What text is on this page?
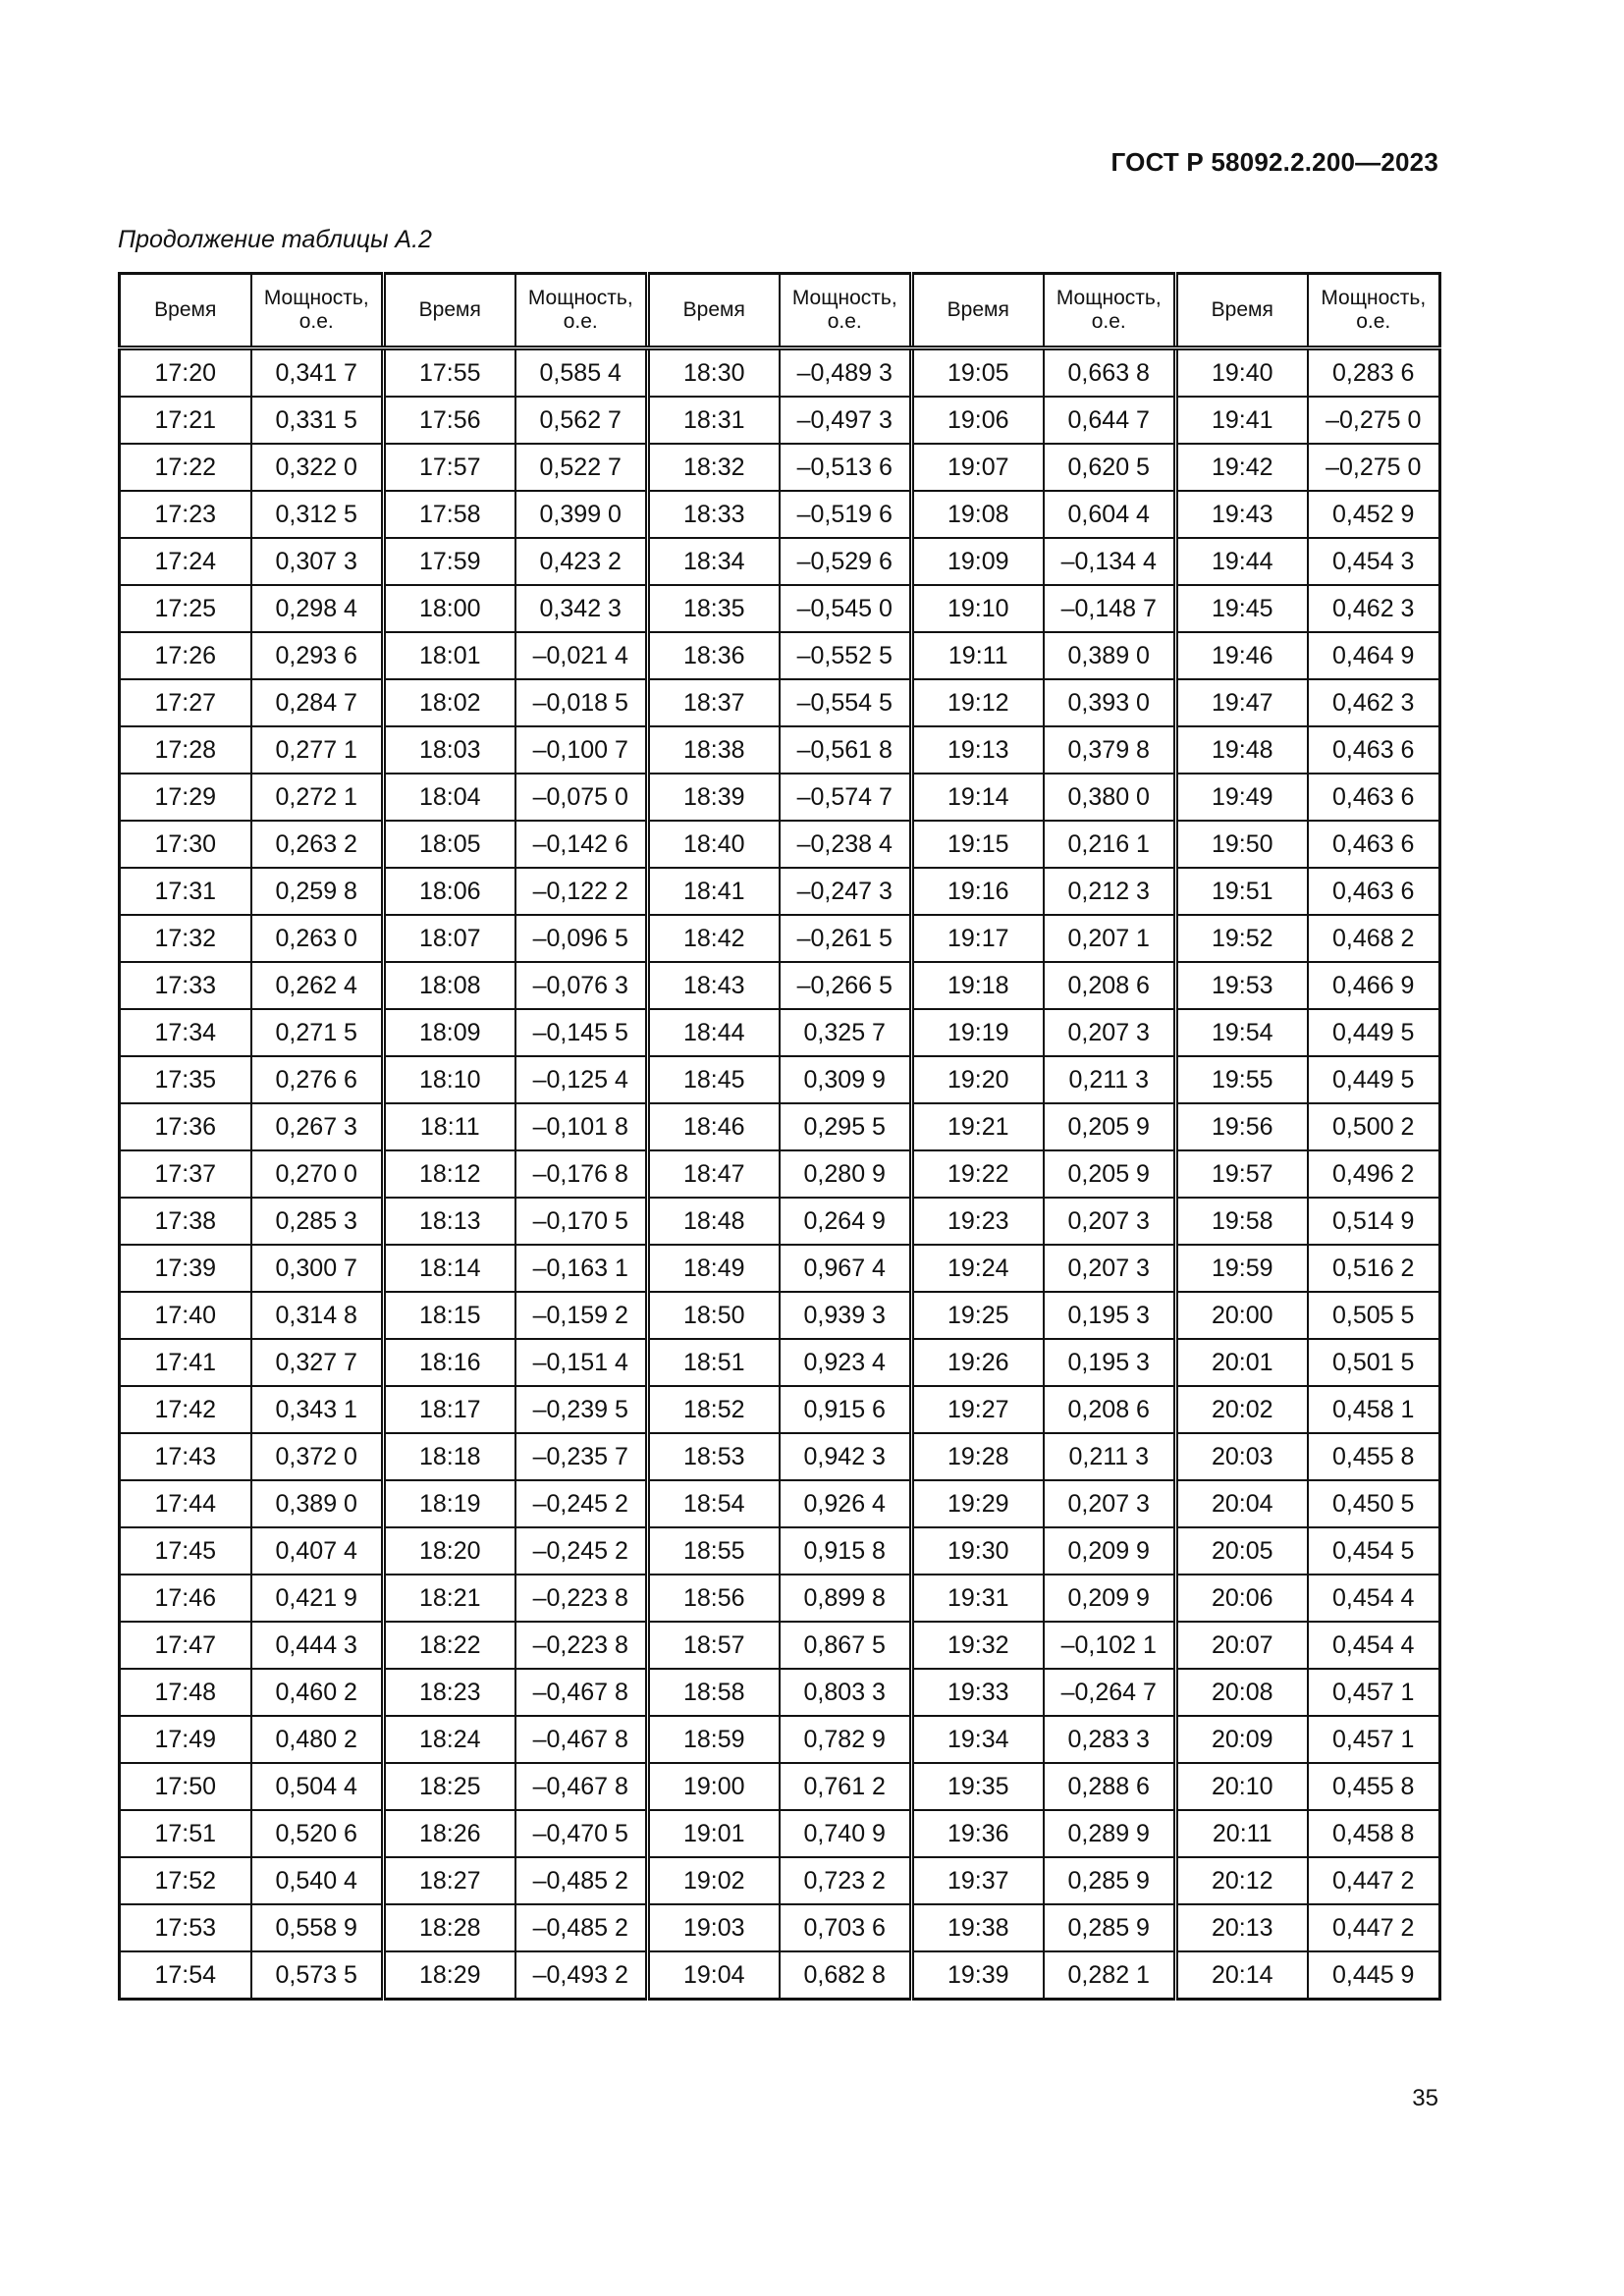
ГОСТ Р 58092.2.200—2023
Продолжение таблицы А.2
Время	Мощность, о.е.	Время	Мощность, о.е.	Время	Мощность, о.е.	Время	Мощность, о.е.	Время	Мощность, о.е.
17:20	0,341 7	17:55	0,585 4	18:30	–0,489 3	19:05	0,663 8	19:40	0,283 6
17:21	0,331 5	17:56	0,562 7	18:31	–0,497 3	19:06	0,644 7	19:41	–0,275 0
17:22	0,322 0	17:57	0,522 7	18:32	–0,513 6	19:07	0,620 5	19:42	–0,275 0
17:23	0,312 5	17:58	0,399 0	18:33	–0,519 6	19:08	0,604 4	19:43	0,452 9
17:24	0,307 3	17:59	0,423 2	18:34	–0,529 6	19:09	–0,134 4	19:44	0,454 3
17:25	0,298 4	18:00	0,342 3	18:35	–0,545 0	19:10	–0,148 7	19:45	0,462 3
17:26	0,293 6	18:01	–0,021 4	18:36	–0,552 5	19:11	0,389 0	19:46	0,464 9
17:27	0,284 7	18:02	–0,018 5	18:37	–0,554 5	19:12	0,393 0	19:47	0,462 3
17:28	0,277 1	18:03	–0,100 7	18:38	–0,561 8	19:13	0,379 8	19:48	0,463 6
17:29	0,272 1	18:04	–0,075 0	18:39	–0,574 7	19:14	0,380 0	19:49	0,463 6
17:30	0,263 2	18:05	–0,142 6	18:40	–0,238 4	19:15	0,216 1	19:50	0,463 6
17:31	0,259 8	18:06	–0,122 2	18:41	–0,247 3	19:16	0,212 3	19:51	0,463 6
17:32	0,263 0	18:07	–0,096 5	18:42	–0,261 5	19:17	0,207 1	19:52	0,468 2
17:33	0,262 4	18:08	–0,076 3	18:43	–0,266 5	19:18	0,208 6	19:53	0,466 9
17:34	0,271 5	18:09	–0,145 5	18:44	0,325 7	19:19	0,207 3	19:54	0,449 5
17:35	0,276 6	18:10	–0,125 4	18:45	0,309 9	19:20	0,211 3	19:55	0,449 5
17:36	0,267 3	18:11	–0,101 8	18:46	0,295 5	19:21	0,205 9	19:56	0,500 2
17:37	0,270 0	18:12	–0,176 8	18:47	0,280 9	19:22	0,205 9	19:57	0,496 2
17:38	0,285 3	18:13	–0,170 5	18:48	0,264 9	19:23	0,207 3	19:58	0,514 9
17:39	0,300 7	18:14	–0,163 1	18:49	0,967 4	19:24	0,207 3	19:59	0,516 2
17:40	0,314 8	18:15	–0,159 2	18:50	0,939 3	19:25	0,195 3	20:00	0,505 5
17:41	0,327 7	18:16	–0,151 4	18:51	0,923 4	19:26	0,195 3	20:01	0,501 5
17:42	0,343 1	18:17	–0,239 5	18:52	0,915 6	19:27	0,208 6	20:02	0,458 1
17:43	0,372 0	18:18	–0,235 7	18:53	0,942 3	19:28	0,211 3	20:03	0,455 8
17:44	0,389 0	18:19	–0,245 2	18:54	0,926 4	19:29	0,207 3	20:04	0,450 5
17:45	0,407 4	18:20	–0,245 2	18:55	0,915 8	19:30	0,209 9	20:05	0,454 5
17:46	0,421 9	18:21	–0,223 8	18:56	0,899 8	19:31	0,209 9	20:06	0,454 4
17:47	0,444 3	18:22	–0,223 8	18:57	0,867 5	19:32	–0,102 1	20:07	0,454 4
17:48	0,460 2	18:23	–0,467 8	18:58	0,803 3	19:33	–0,264 7	20:08	0,457 1
17:49	0,480 2	18:24	–0,467 8	18:59	0,782 9	19:34	0,283 3	20:09	0,457 1
17:50	0,504 4	18:25	–0,467 8	19:00	0,761 2	19:35	0,288 6	20:10	0,455 8
17:51	0,520 6	18:26	–0,470 5	19:01	0,740 9	19:36	0,289 9	20:11	0,458 8
17:52	0,540 4	18:27	–0,485 2	19:02	0,723 2	19:37	0,285 9	20:12	0,447 2
17:53	0,558 9	18:28	–0,485 2	19:03	0,703 6	19:38	0,285 9	20:13	0,447 2
17:54	0,573 5	18:29	–0,493 2	19:04	0,682 8	19:39	0,282 1	20:14	0,445 9
35
